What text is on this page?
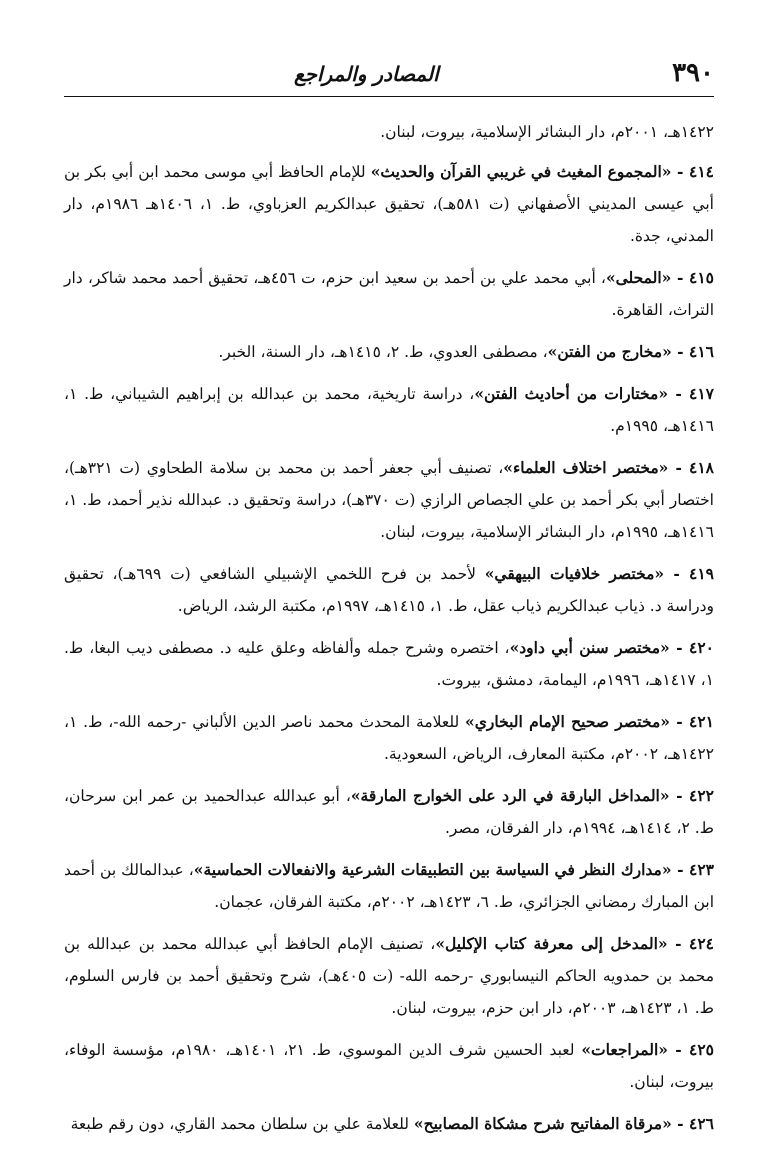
٣٩٠
المصادر والمراجع

١٤٢٢هـ، ٢٠٠١م، دار البشائر الإسلامية، بيروت، لبنان.

٤١٤ - «المجموع المغيث في غريبي القرآن والحديث» للإمام الحافظ أبي موسى محمد ابن أبي بكر بن أبي عيسى المديني الأصفهاني (ت ٥٨١هـ)، تحقيق عبدالكريم العزباوي، ط. ١، ١٤٠٦هـ ١٩٨٦م، دار المدني، جدة.

٤١٥ - «المحلى»، أبي محمد علي بن أحمد بن سعيد ابن حزم، ت ٤٥٦هـ، تحقيق أحمد محمد شاكر، دار التراث، القاهرة.

٤١٦ - «مخارج من الفتن»، مصطفى العدوي، ط. ٢، ١٤١٥هـ، دار السنة، الخبر.

٤١٧ - «مختارات من أحاديث الفتن»، دراسة تاريخية، محمد بن عبدالله بن إبراهيم الشيباني، ط. ١، ١٤١٦هـ، ١٩٩٥م.

٤١٨ - «مختصر اختلاف العلماء»، تصنيف أبي جعفر أحمد بن محمد بن سلامة الطحاوي (ت ٣٢١هـ)، اختصار أبي بكر أحمد بن علي الجصاص الرازي (ت ٣٧٠هـ)، دراسة وتحقيق د. عبدالله نذير أحمد، ط. ١، ١٤١٦هـ، ١٩٩٥م، دار البشائر الإسلامية، بيروت، لبنان.

٤١٩ - «مختصر خلافيات البيهقي» لأحمد بن فرح اللخمي الإشبيلي الشافعي (ت ٦٩٩هـ)، تحقيق ودراسة د. ذياب عبدالكريم ذياب عقل، ط. ١، ١٤١٥هـ، ١٩٩٧م، مكتبة الرشد، الرياض.

٤٢٠ - «مختصر سنن أبي داود»، اختصره وشرح جمله وألفاظه وعلق عليه د. مصطفى ديب البغا، ط. ١، ١٤١٧هـ، ١٩٩٦م، اليمامة، دمشق، بيروت.

٤٢١ - «مختصر صحيح الإمام البخاري» للعلامة المحدث محمد ناصر الدين الألباني -رحمه الله-، ط. ١، ١٤٢٢هـ، ٢٠٠٢م، مكتبة المعارف، الرياض، السعودية.

٤٢٢ - «المداخل البارقة في الرد على الخوارج المارقة»، أبو عبدالله عبدالحميد بن عمر ابن سرحان، ط. ٢، ١٤١٤هـ، ١٩٩٤م، دار الفرقان، مصر.

٤٢٣ - «مدارك النظر في السياسة بين التطبيقات الشرعية والانفعالات الحماسية»، عبدالمالك بن أحمد ابن المبارك رمضاني الجزائري، ط. ٦، ١٤٢٣هـ، ٢٠٠٢م، مكتبة الفرقان، عجمان.

٤٢٤ - «المدخل إلى معرفة كتاب الإكليل»، تصنيف الإمام الحافظ أبي عبدالله محمد بن عبدالله بن محمد بن حمدويه الحاكم النيسابوري -رحمه الله- (ت ٤٠٥هـ)، شرح وتحقيق أحمد بن فارس السلوم، ط. ١، ١٤٢٣هـ، ٢٠٠٣م، دار ابن حزم، بيروت، لبنان.

٤٢٥ - «المراجعات» لعبد الحسين شرف الدين الموسوي، ط. ٢١، ١٤٠١هـ، ١٩٨٠م، مؤسسة الوفاء، بيروت، لبنان.

٤٢٦ - «مرقاة المفاتيح شرح مشكاة المصابيح» للعلامة علي بن سلطان محمد القاري، دون رقم طبعة
